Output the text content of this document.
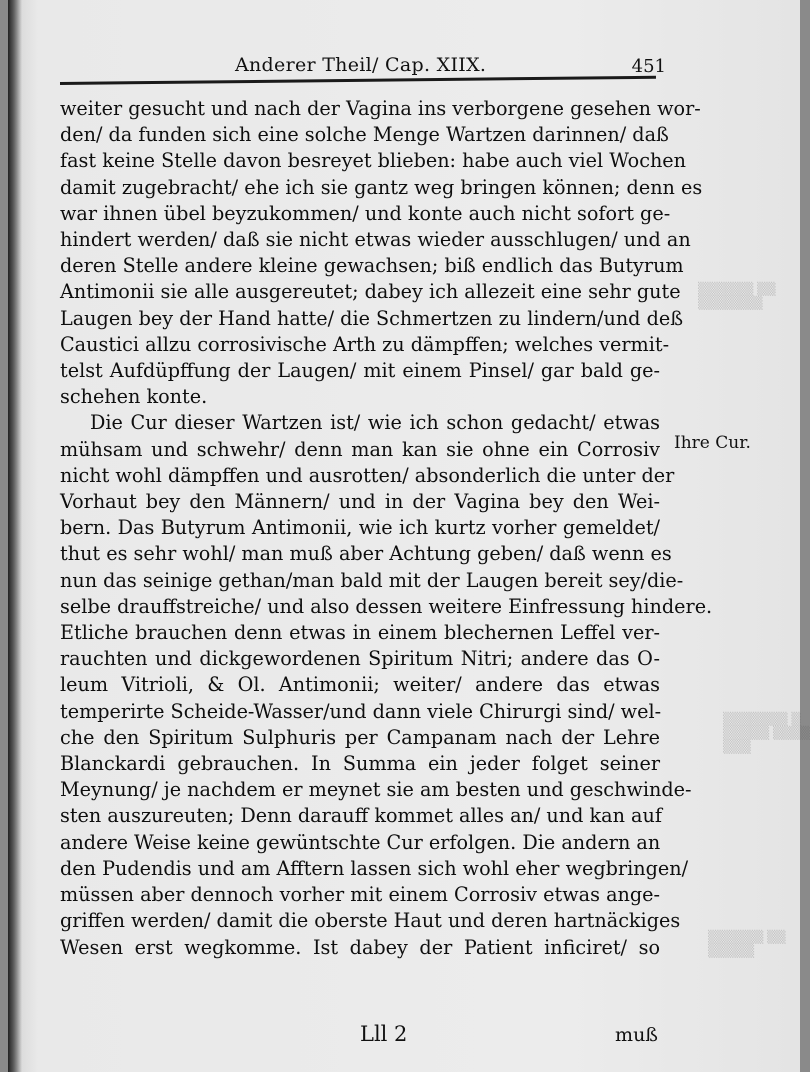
▒▒▒▒▒▒ ▒▒
▒▒▒▒▒▒▒
▒▒▒▒▒▒▒ ▒
▒▒▒▒▒ ▒▒▒▒
▒▒▒
▒▒▒▒▒▒ ▒▒
▒▒▒▒▒
Anderer Theil/ Cap. XIIX.	451
weiter gesucht und nach der Vagina ins verborgene gesehen wor-
den/ da funden sich eine solche Menge Wartzen darinnen/ daß
fast keine Stelle davon besreyet blieben: habe auch viel Wochen
damit zugebracht/ ehe ich sie gantz weg bringen können; denn es
war ihnen übel beyzukommen/ und konte auch nicht sofort ge-
hindert werden/ daß sie nicht etwas wieder ausschlugen/ und an
deren Stelle andere kleine gewachsen; biß endlich das Butyrum
Antimonii sie alle ausgereutet; dabey ich allezeit eine sehr gute
Laugen bey der Hand hatte/ die Schmertzen zu lindern/und deß
Caustici allzu corrosivische Arth zu dämpffen; welches vermit-
telst Aufdüpffung der Laugen/ mit einem Pinsel/ gar bald ge-
schehen konte.
Die Cur dieser Wartzen ist/ wie ich schon gedacht/ etwas
mühsam und schwehr/ denn man kan sie ohne ein Corrosiv
nicht wohl dämpffen und ausrotten/ absonderlich die unter der
Vorhaut bey den Männern/ und in der Vagina bey den Wei-
bern. Das Butyrum Antimonii, wie ich kurtz vorher gemeldet/
thut es sehr wohl/ man muß aber Achtung geben/ daß wenn es
nun das seinige gethan/man bald mit der Laugen bereit sey/die-
selbe drauffstreiche/ und also dessen weitere Einfressung hindere.
Etliche brauchen denn etwas in einem blechernen Leffel ver-
rauchten und dickgewordenen Spiritum Nitri; andere das O-
leum Vitrioli, & Ol. Antimonii; weiter/ andere das etwas
temperirte Scheide-Wasser/und dann viele Chirurgi sind/ wel-
che den Spiritum Sulphuris per Campanam nach der Lehre
Blanckardi gebrauchen. In Summa ein jeder folget seiner
Meynung/ je nachdem er meynet sie am besten und geschwinde-
sten auszureuten; Denn darauff kommet alles an/ und kan auf
andere Weise keine gewüntschte Cur erfolgen. Die andern an
den Pudendis und am Afftern lassen sich wohl eher wegbringen/
müssen aber dennoch vorher mit einem Corrosiv etwas ange-
griffen werden/ damit die oberste Haut und deren hartnäckiges
Wesen erst wegkomme. Ist dabey der Patient inficiret/ so
Ihre Cur.
Lll 2	muß
